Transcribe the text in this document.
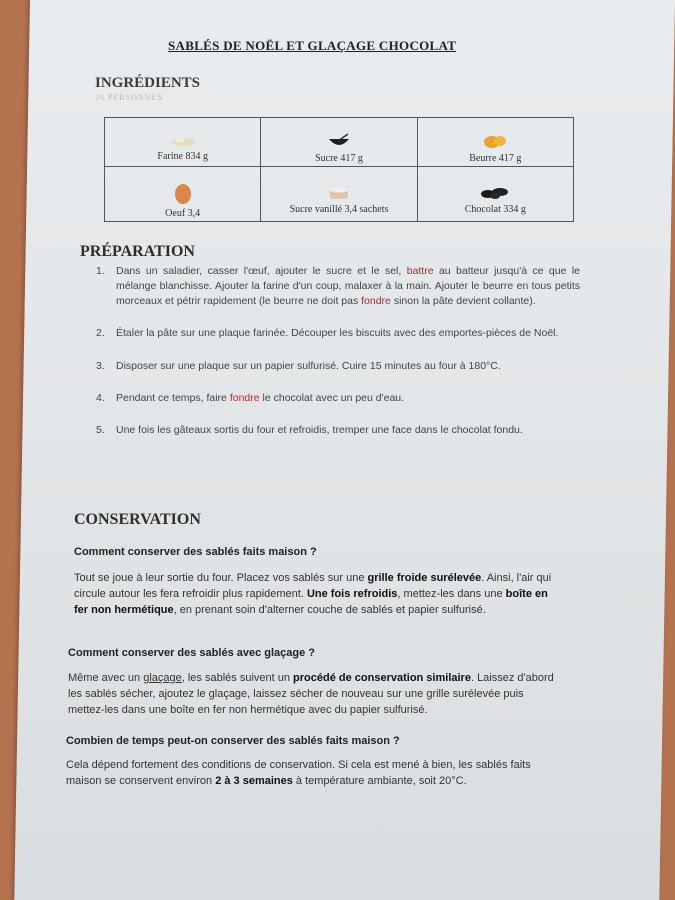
SABLÉS DE NOËL ET GLAÇAGE CHOCOLAT
INGRÉDIENTS
20 PERSONNES
Farine 834 g	Sucre 417 g	Beurre 417 g

Oeuf 3,4	Sucre vanillé 3,4 sachets	Chocolat 334 g
PRÉPARATION
1. Dans un saladier, casser l'œuf, ajouter le sucre et le sel, battre au batteur jusqu'à ce que le mélange blanchisse. Ajouter la farine d'un coup, malaxer à la main. Ajouter le beurre en tous petits morceaux et pétrir rapidement (le beurre ne doit pas fondre sinon la pâte devient collante).
2. Étaler la pâte sur une plaque farinée. Découper les biscuits avec des emportes-pièces de Noël.
3. Disposer sur une plaque sur un papier sulfurisé. Cuire 15 minutes au four à 180°C.
4. Pendant ce temps, faire fondre le chocolat avec un peu d'eau.
5. Une fois les gâteaux sortis du four et refroidis, tremper une face dans le chocolat fondu.
CONSERVATION
Comment conserver des sablés faits maison ?
Tout se joue à leur sortie du four. Placez vos sablés sur une grille froide surélevée. Ainsi, l'air qui circule autour les fera refroidir plus rapidement. Une fois refroidis, mettez-les dans une boîte en fer non hermétique, en prenant soin d'alterner couche de sablés et papier sulfurisé.
Comment conserver des sablés avec glaçage ?
Même avec un glaçage, les sablés suivent un procédé de conservation similaire. Laissez d'abord les sablés sécher, ajoutez le glaçage, laissez sécher de nouveau sur une grille surélevée puis mettez-les dans une boîte en fer non hermétique avec du papier sulfurisé.
Combien de temps peut-on conserver des sablés faits maison ?
Cela dépend fortement des conditions de conservation. Si cela est mené à bien, les sablés faits maison se conservent environ 2 à 3 semaines à température ambiante, soit 20°C.
